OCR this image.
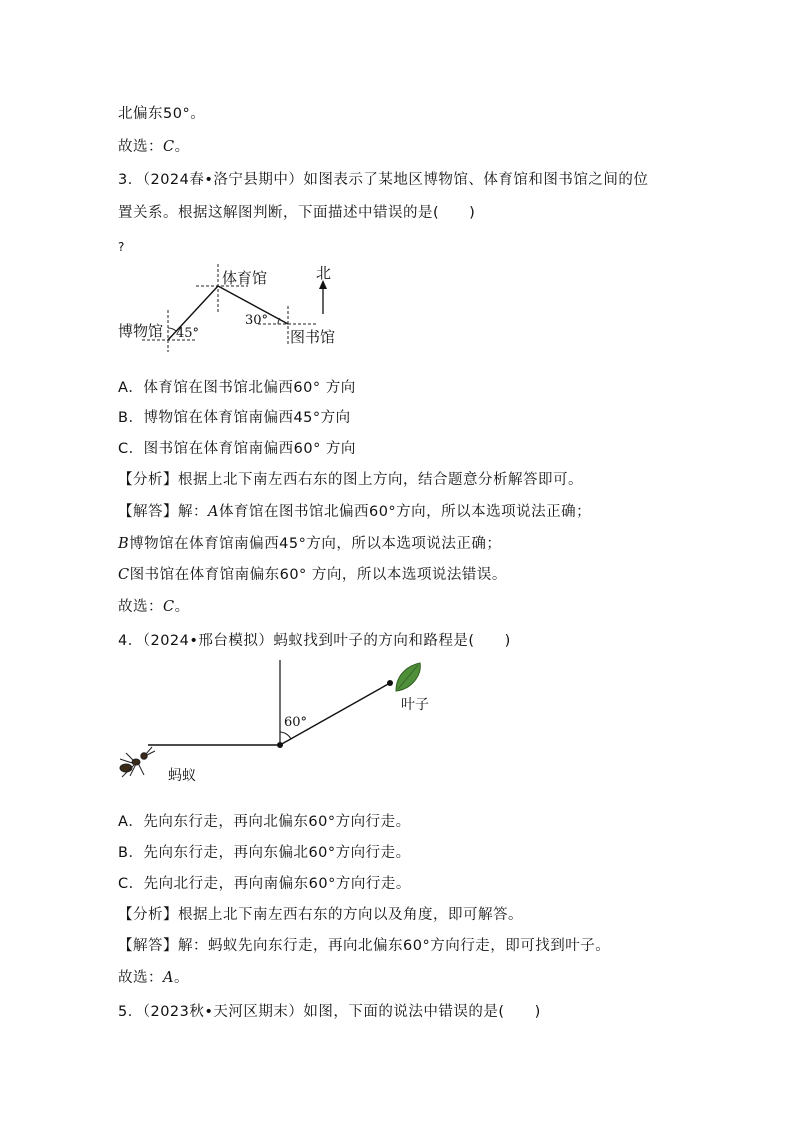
北偏东50°。
故选：C。
3．（2024春•洛宁县期中）如图表示了某地区博物馆、体育馆和图书馆之间的位
置关系。根据这解图判断，下面描述中错误的是(　　)
?
北
体育馆
博物馆	图书馆
45°
30°
A．体育馆在图书馆北偏西60° 方向
B．博物馆在体育馆南偏西45°方向
C．图书馆在体育馆南偏西60° 方向
【分析】根据上北下南左西右东的图上方向，结合题意分析解答即可。
【解答】解：A体育馆在图书馆北偏西60°方向，所以本选项说法正确；
B博物馆在体育馆南偏西45°方向，所以本选项说法正确；
C图书馆在体育馆南偏东60° 方向，所以本选项说法错误。
故选：C。
4．（2024•邢台模拟）蚂蚁找到叶子的方向和路程是(　　)
60°
叶子
蚂蚁
A．先向东行走，再向北偏东60°方向行走。
B．先向东行走，再向东偏北60°方向行走。
C．先向北行走，再向南偏东60°方向行走。
【分析】根据上北下南左西右东的方向以及角度，即可解答。
【解答】解：蚂蚁先向东行走，再向北偏东60°方向行走，即可找到叶子。
故选：A。
5．（2023秋•天河区期末）如图，下面的说法中错误的是(　　)
